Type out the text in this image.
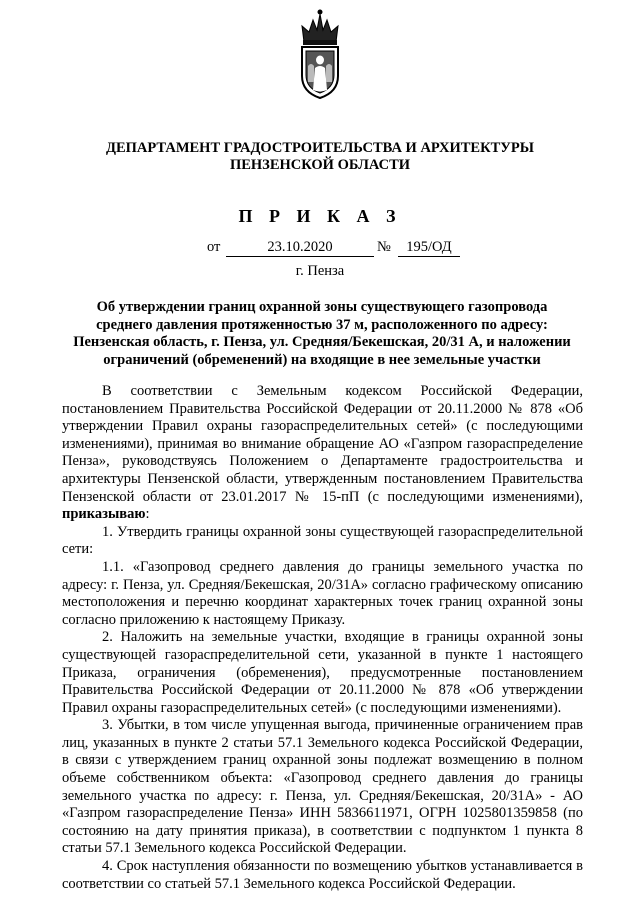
ДЕПАРТАМЕНТ ГРАДОСТРОИТЕЛЬСТВА И АРХИТЕКТУРЫ
ПЕНЗЕНСКОЙ ОБЛАСТИ
П Р И К А З
от	23.10.2020	№	195/ОД
г. Пенза
Об утверждении границ охранной зоны существующего газопровода
среднего давления протяженностью 37 м, расположенного по адресу:
Пензенская область, г. Пенза, ул. Средняя/Бекешская, 20/31 А, и наложении
ограничений (обременений) на входящие в нее земельные участки

В соответствии с Земельным кодексом Российской Федерации, постановлением Правительства Российской Федерации от 20.11.2000 № 878 «Об утверждении Правил охраны газораспределительных сетей» (с последующими изменениями), принимая во внимание обращение АО «Газпром газораспределение Пенза», руководствуясь Положением о Департаменте градостроительства и архитектуры Пензенской области, утвержденным постановлением Правительства Пензенской области от 23.01.2017 № 15-пП (с последующими изменениями), приказываю:

1. Утвердить границы охранной зоны существующей газораспределительной сети:

1.1. «Газопровод среднего давления до границы земельного участка по адресу: г. Пенза, ул. Средняя/Бекешская, 20/31А» согласно графическому описанию местоположения и перечню координат характерных точек границ охранной зоны согласно приложению к настоящему Приказу.

2. Наложить на земельные участки, входящие в границы охранной зоны существующей газораспределительной сети, указанной в пункте 1 настоящего Приказа, ограничения (обременения), предусмотренные постановлением Правительства Российской Федерации от 20.11.2000 № 878 «Об утверждении Правил охраны газораспределительных сетей» (с последующими изменениями).

3. Убытки, в том числе упущенная выгода, причиненные ограничением прав лиц, указанных в пункте 2 статьи 57.1 Земельного кодекса Российской Федерации, в связи с утверждением границ охранной зоны подлежат возмещению в полном объеме собственником объекта: «Газопровод среднего давления до границы земельного участка по адресу: г. Пенза, ул. Средняя/Бекешская, 20/31А» - АО «Газпром газораспределение Пенза» ИНН 5836611971, ОГРН 1025801359858 (по состоянию на дату принятия приказа), в соответствии с подпунктом 1 пункта 8 статьи 57.1 Земельного кодекса Российской Федерации.

4. Срок наступления обязанности по возмещению убытков устанавливается в соответствии со статьей 57.1 Земельного кодекса Российской Федерации.
